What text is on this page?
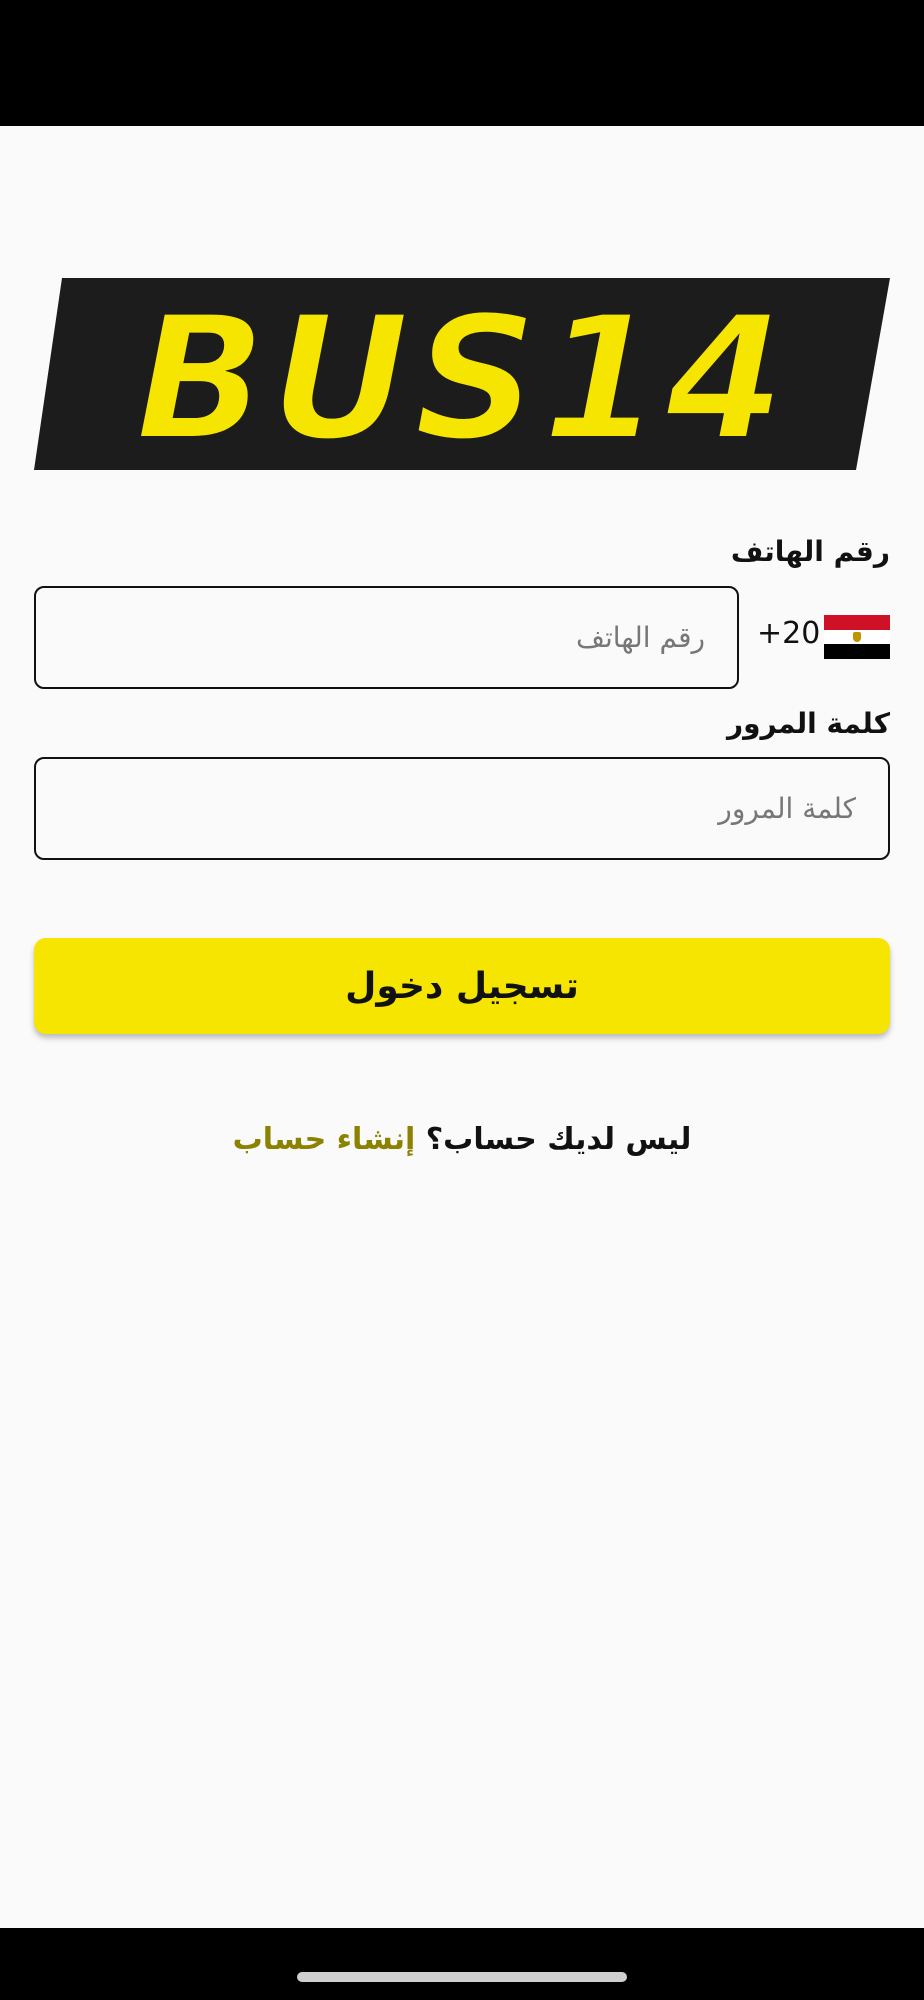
BUS14
رقم الهاتف
رقم الهاتف
+20
كلمة المرور
تسجيل دخول
ليس لديك حساب؟ إنشاء حساب
